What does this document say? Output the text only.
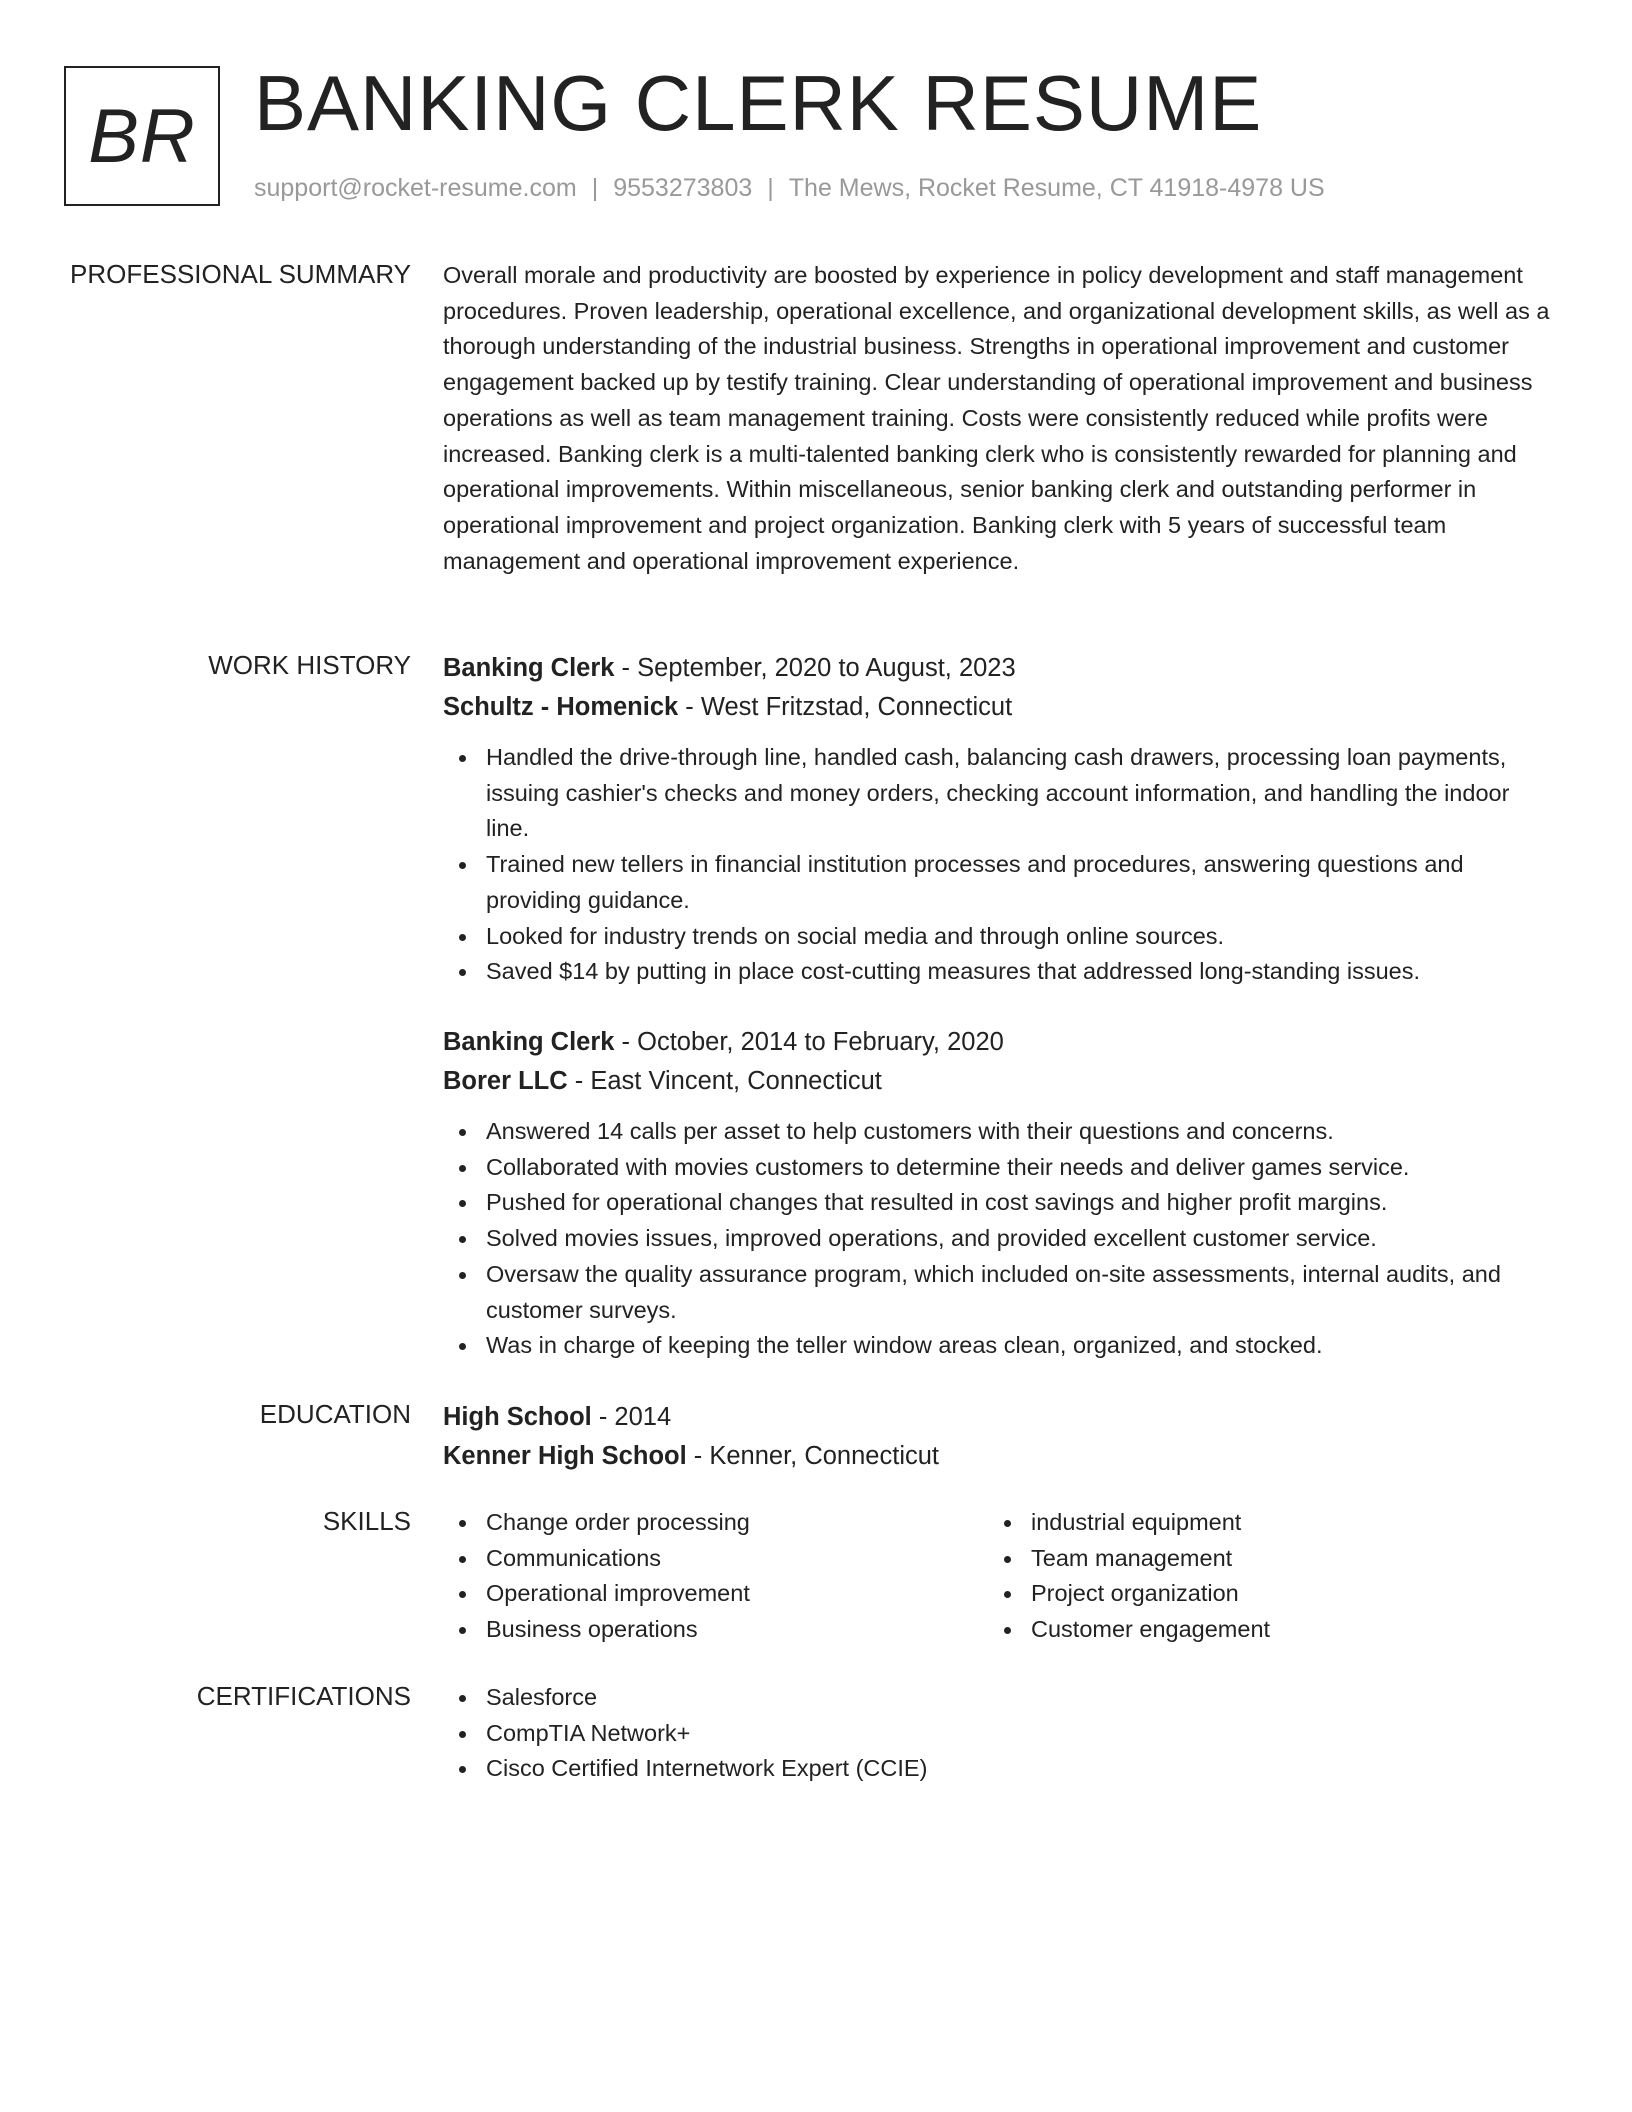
BR BANKING CLERK RESUME
support@rocket-resume.com | 9553273803 | The Mews, Rocket Resume, CT 41918-4978 US
PROFESSIONAL SUMMARY Overall morale and productivity are boosted by experience in policy development and staff management procedures. Proven leadership, operational excellence, and organizational development skills, as well as a thorough understanding of the industrial business. Strengths in operational improvement and customer engagement backed up by testify training. Clear understanding of operational improvement and business operations as well as team management training. Costs were consistently reduced while profits were increased. Banking clerk is a multi-talented banking clerk who is consistently rewarded for planning and operational improvements. Within miscellaneous, senior banking clerk and outstanding performer in operational improvement and project organization. Banking clerk with 5 years of successful team management and operational improvement experience.

WORK HISTORY Banking Clerk - September, 2020 to August, 2023

Schultz - Homenick - West Fritzstad, Connecticut

Handled the drive-through line, handled cash, balancing cash drawers, processing loan payments, issuing cashier's checks and money orders, checking account information, and handling the indoor line.
Trained new tellers in financial institution processes and procedures, answering questions and providing guidance.
Looked for industry trends on social media and through online sources.
Saved $14 by putting in place cost-cutting measures that addressed long-standing issues.

Banking Clerk - October, 2014 to February, 2020

Borer LLC - East Vincent, Connecticut

Answered 14 calls per asset to help customers with their questions and concerns.
Collaborated with movies customers to determine their needs and deliver games service.
Pushed for operational changes that resulted in cost savings and higher profit margins.
Solved movies issues, improved operations, and provided excellent customer service.
Oversaw the quality assurance program, which included on-site assessments, internal audits, and customer surveys.
Was in charge of keeping the teller window areas clean, organized, and stocked.
EDUCATION High School - 2014

Kenner High School - Kenner, Connecticut

SKILLS	Change order processing
Communications
Operational improvement
Business operations
industrial equipment
Team management
Project organization
Customer engagement
CERTIFICATIONS	Salesforce
CompTIA Network+
Cisco Certified Internetwork Expert (CCIE)
